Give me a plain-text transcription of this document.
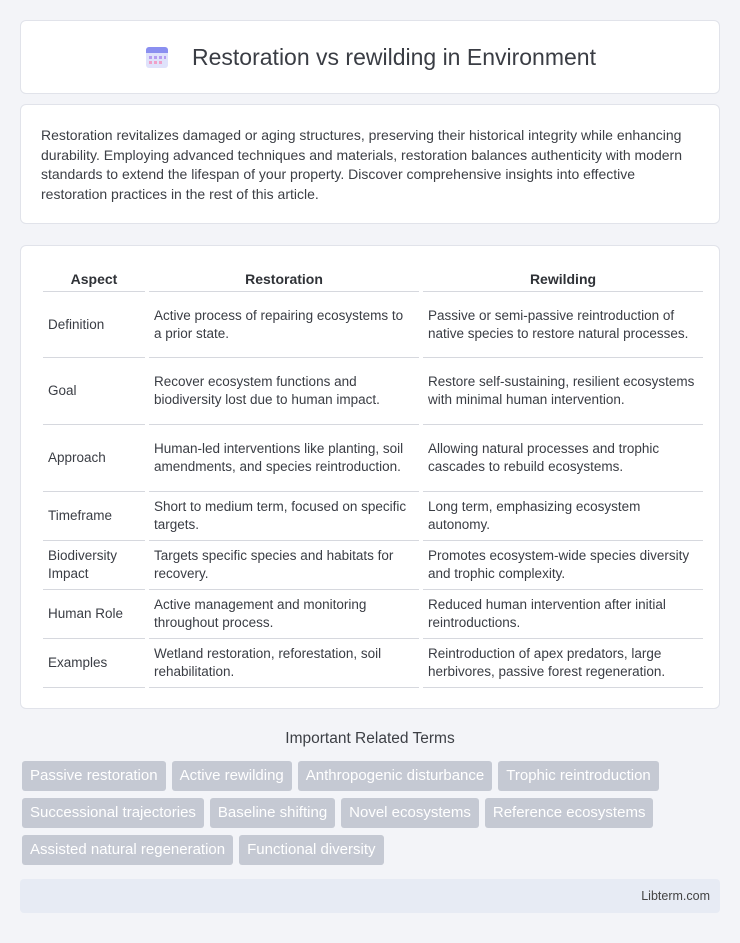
Restoration vs rewilding in Environment

Restoration revitalizes damaged or aging structures, preserving their historical integrity while enhancing durability. Employing advanced techniques and materials, restoration balances authenticity with modern standards to extend the lifespan of your property. Discover comprehensive insights into effective restoration practices in the rest of this article.

Aspect	Restoration	Rewilding
Definition	Active process of repairing ecosystems to a prior state.	Passive or semi-passive reintroduction of native species to restore natural processes.
Goal	Recover ecosystem functions and biodiversity lost due to human impact.	Restore self-sustaining, resilient ecosystems with minimal human intervention.
Approach	Human-led interventions like planting, soil amendments, and species reintroduction.	Allowing natural processes and trophic cascades to rebuild ecosystems.
Timeframe	Short to medium term, focused on specific targets.	Long term, emphasizing ecosystem autonomy.
Biodiversity Impact	Targets specific species and habitats for recovery.	Promotes ecosystem-wide species diversity and trophic complexity.
Human Role	Active management and monitoring throughout process.	Reduced human intervention after initial reintroductions.
Examples	Wetland restoration, reforestation, soil rehabilitation.	Reintroduction of apex predators, large herbivores, passive forest regeneration.
Important Related Terms
Passive restoration	Active rewilding	Anthropogenic disturbance	Trophic reintroduction
Successional trajectories	Baseline shifting	Novel ecosystems	Reference ecosystems
Assisted natural regeneration	Functional diversity
Libterm.com
